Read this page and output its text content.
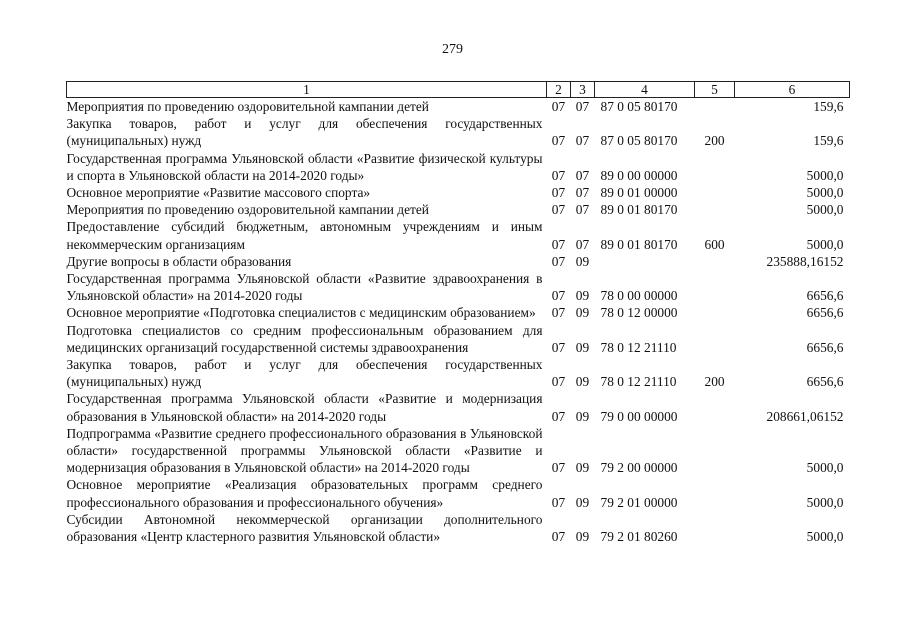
279
1	2	3	4	5	6
Мероприятия по проведению оздоровительной кампании детей	07	07	87 0 05 80170		159,6
Закупка товаров, работ и услуг для обеспечения государственных (муниципальных) нужд	07	07	87 0 05 80170	200	159,6
Государственная программа Ульяновской области «Развитие физической культуры и спорта в Ульяновской области на 2014-2020 годы»	07	07	89 0 00 00000		5000,0
Основное мероприятие «Развитие массового спорта»	07	07	89 0 01 00000		5000,0
Мероприятия по проведению оздоровительной кампании детей	07	07	89 0 01 80170		5000,0
Предоставление субсидий бюджетным, автономным учреждениям и иным некоммерческим организациям	07	07	89 0 01 80170	600	5000,0
Другие вопросы в области образования	07	09			235888,16152
Государственная программа Ульяновской области «Развитие здравоохранения в Ульяновской области» на 2014-2020 годы	07	09	78 0 00 00000		6656,6
Основное мероприятие «Подготовка специалистов с медицинским образованием»	07	09	78 0 12 00000		6656,6
Подготовка специалистов со средним профессиональным образованием для медицинских организаций государственной системы здравоохранения	07	09	78 0 12 21110		6656,6
Закупка товаров, работ и услуг для обеспечения государственных (муниципальных) нужд	07	09	78 0 12 21110	200	6656,6
Государственная программа Ульяновской области «Развитие и модернизация образования в Ульяновской области» на 2014-2020 годы	07	09	79 0 00 00000		208661,06152
Подпрограмма «Развитие среднего профессионального образования в Ульяновской области» государственной программы Ульяновской области «Развитие и модернизация образования в Ульяновской области» на 2014-2020 годы	07	09	79 2 00 00000		5000,0
Основное мероприятие «Реализация образовательных программ среднего профессионального образования и профессионального обучения»	07	09	79 2 01 00000		5000,0
Субсидии Автономной некоммерческой организации дополнительного образования «Центр кластерного развития Ульяновской области»	07	09	79 2 01 80260		5000,0
